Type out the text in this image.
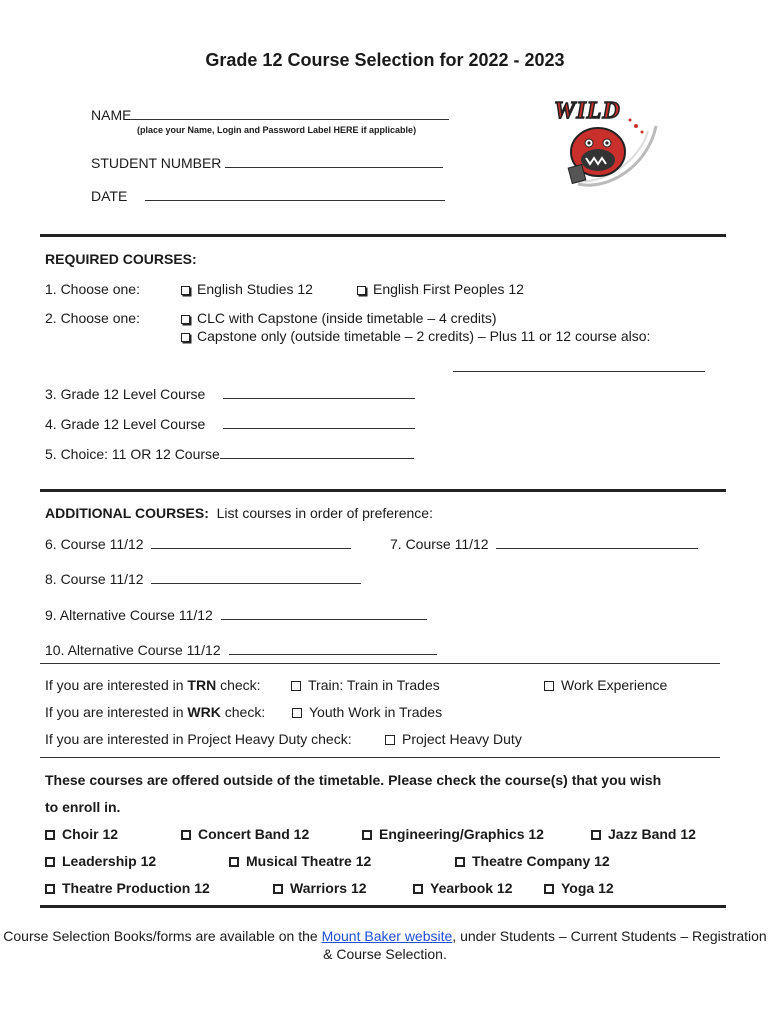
Grade 12 Course Selection for 2022 - 2023
NAME
(place your Name, Login and Password Label HERE if applicable)
STUDENT NUMBER
DATE
WILD
REQUIRED COURSES:
1. Choose one:	English Studies 12	English First Peoples 12
2. Choose one:	CLC with Capstone (inside timetable – 4 credits)
Capstone only (outside timetable – 2 credits) – Plus 11 or 12 course also:
3. Grade 12 Level Course
4. Grade 12 Level Course
5. Choice: 11 OR 12 Course
ADDITIONAL COURSES: List courses in order of preference:
6. Course 11/12	7. Course 11/12
8. Course 11/12
9. Alternative Course 11/12
10. Alternative Course 11/12
If you are interested in TRN check:	Train: Train in Trades	Work Experience
If you are interested in WRK check:	Youth Work in Trades
If you are interested in Project Heavy Duty check:	Project Heavy Duty
These courses are offered outside of the timetable. Please check the course(s) that you wish
to enroll in.
Choir 12	Concert Band 12	Engineering/Graphics 12	Jazz Band 12
Leadership 12	Musical Theatre 12	Theatre Company 12
Theatre Production 12	Warriors 12	Yearbook 12	Yoga 12
Course Selection Books/forms are available on the Mount Baker website, under Students – Current Students – Registration & Course Selection.
